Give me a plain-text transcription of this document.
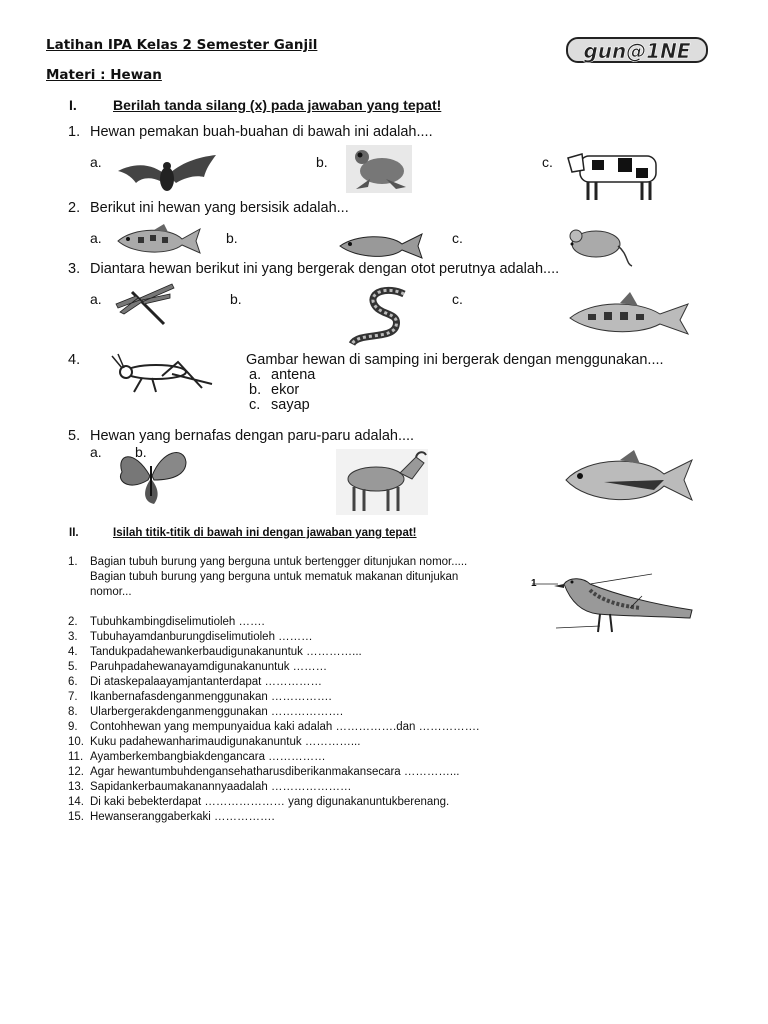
Latihan IPA Kelas 2 Semester Ganjil
Materi : Hewan
gun@1NE
I.	Berilah tanda silang (x) pada jawaban yang tepat!
1. Hewan pemakan buah-buahan di bawah ini adalah....
a.	b.	c.
2. Berikut ini hewan yang bersisik adalah...
a.	b.	c.
3. Diantara hewan berikut ini yang bergerak dengan otot perutnya adalah....
a.	b.	c.
4.	Gambar hewan di samping ini bergerak dengan menggunakan....
a. antena
b. ekor
c. sayap
5. Hewan yang bernafas dengan paru-paru adalah....
a. b.
II.	Isilah titik-titik di bawah ini dengan jawaban yang tepat!
1. Bagian tubuh burung yang berguna untuk bertengger ditunjukan nomor.....
Bagian tubuh burung yang berguna untuk mematuk makanan ditunjukan
nomor...
1
2. Tubuhkambingdiselimutioleh …….
3. Tubuhayamdanburungdiselimutioleh ………
4. Tandukpadahewankerbaudigunakanuntuk …………...
5. Paruhpadahewanayamdigunakanuntuk ………
6. Di ataskepalaayamjantanterdapat ……………
7. Ikanbernafasdenganmenggunakan …………….
8. Ularbergerakdenganmenggunakan ……………….
9. Contohhewan yang mempunyaidua kaki adalah …………….dan …………….
10. Kuku padahewanharimaudigunakanuntuk …………...
11. Ayamberkembangbiakdengancara ……………
12. Agar hewantumbuhdengansehatharusdiberikanmakansecara …………...
13. Sapidankerbaumakanannyaadalah …………………
14. Di kaki bebekterdapat ………………… yang digunakanuntukberenang.
15. Hewanseranggaberkaki …………….
